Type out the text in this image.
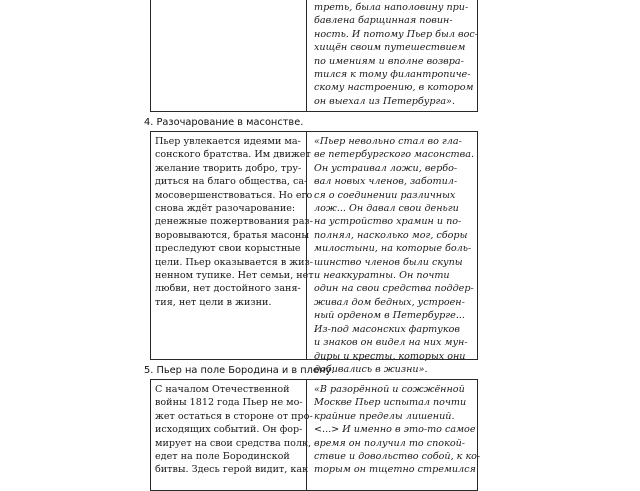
треть, была наполовину при-
бавлена барщинная повин-
ность. И потому Пьер был вос-
хищён своим путешествием
по имениям и вполне возвра-
тился к тому филантропиче-
скому настроению, в котором
он выехал из Петербурга».
4. Разочарование в масонстве.
Пьер увлекается идеями ма-
сонского братства. Им движет
желание творить добро, тру-
диться на благо общества, са-
мосовершенствоваться. Но его
снова ждёт разочарование:
денежные пожертвования раз-
воровываются, братья масоны
преследуют свои корыстные
цели. Пьер оказывается в жиз-
ненном тупике. Нет семьи, нет
любви, нет достойного заня-
тия, нет цели в жизни.
«Пьер невольно стал во гла-
ве петербургского масонства.
Он устраивал ложи, вербо-
вал новых членов, заботил-
ся о соединении различных
лож... Он давал свои деньги
на устройство храмин и по-
полнял, насколько мог, сборы
милостыни, на которые боль-
шинство членов были скупы
и неаккуратны. Он почти
один на свои средства поддер-
живал дом бедных, устроен-
ный орденом в Петербурге...
Из-под масонских фартуков
и знаков он видел на них мун-
диры и кресты, которых они
добивались в жизни».
5. Пьер на поле Бородина и в плену.
С началом Отечественной
войны 1812 года Пьер не мо-
жет остаться в стороне от про-
исходящих событий. Он фор-
мирует на свои средства полк,
едет на поле Бородинской
битвы. Здесь герой видит, как
«В разорённой и сожжённой
Москве Пьер испытал почти
крайние пределы лишений.
<...> И именно в это-то самое
время он получил то спокой-
ствие и довольство собой, к ко-
торым он тщетно стремился
